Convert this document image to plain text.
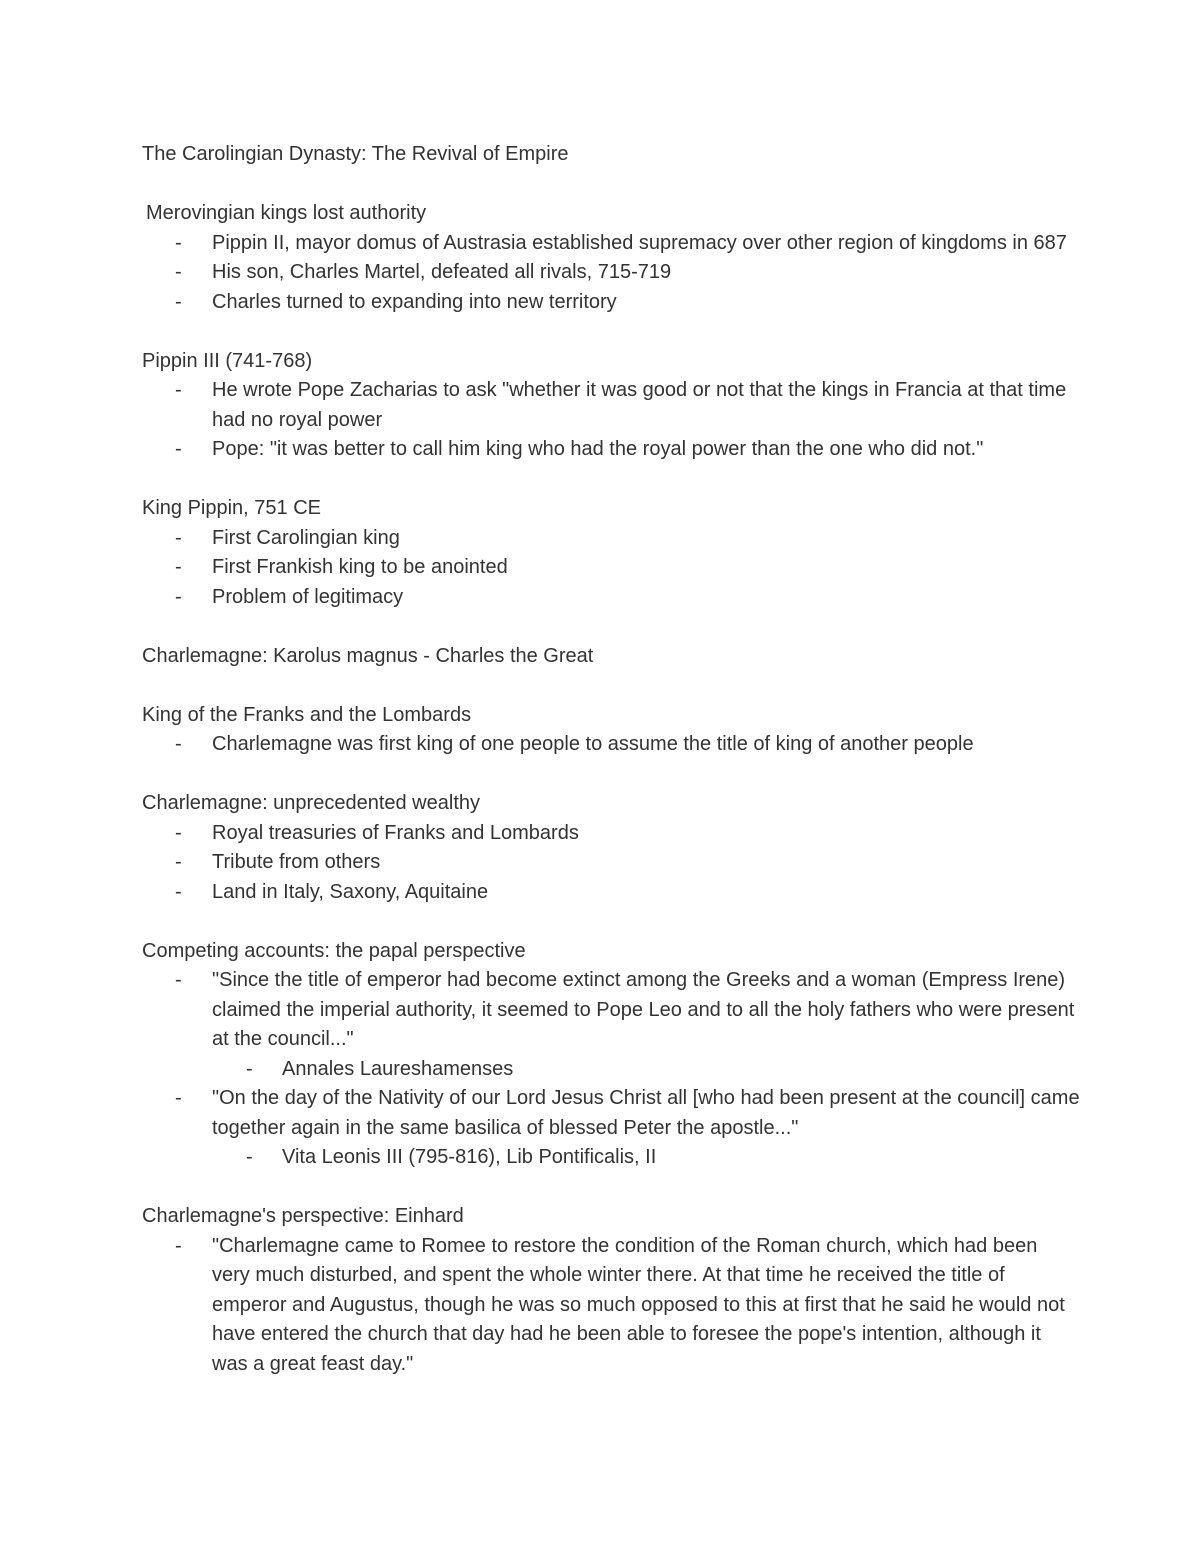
The Carolingian Dynasty: The Revival of Empire
Merovingian kings lost authority
- Pippin II, mayor domus of Austrasia established supremacy over other region of kingdoms in 687
- His son, Charles Martel, defeated all rivals, 715-719
- Charles turned to expanding into new territory
Pippin III (741-768)
- He wrote Pope Zacharias to ask "whether it was good or not that the kings in Francia at that time had no royal power
- Pope: "it was better to call him king who had the royal power than the one who did not."
King Pippin, 751 CE
- First Carolingian king
- First Frankish king to be anointed
- Problem of legitimacy
Charlemagne: Karolus magnus - Charles the Great
King of the Franks and the Lombards
- Charlemagne was first king of one people to assume the title of king of another people
Charlemagne: unprecedented wealthy
- Royal treasuries of Franks and Lombards
- Tribute from others
- Land in Italy, Saxony, Aquitaine
Competing accounts: the papal perspective
- "Since the title of emperor had become extinct among the Greeks and a woman (Empress Irene) claimed the imperial authority, it seemed to Pope Leo and to all the holy fathers who were present at the council..."
- Annales Laureshamenses
- "On the day of the Nativity of our Lord Jesus Christ all [who had been present at the council] came together again in the same basilica of blessed Peter the apostle..."
- Vita Leonis III (795-816), Lib Pontificalis, II
Charlemagne's perspective: Einhard
- "Charlemagne came to Romee to restore the condition of the Roman church, which had been very much disturbed, and spent the whole winter there. At that time he received the title of emperor and Augustus, though he was so much opposed to this at first that he said he would not have entered the church that day had he been able to foresee the pope's intention, although it was a great feast day."
